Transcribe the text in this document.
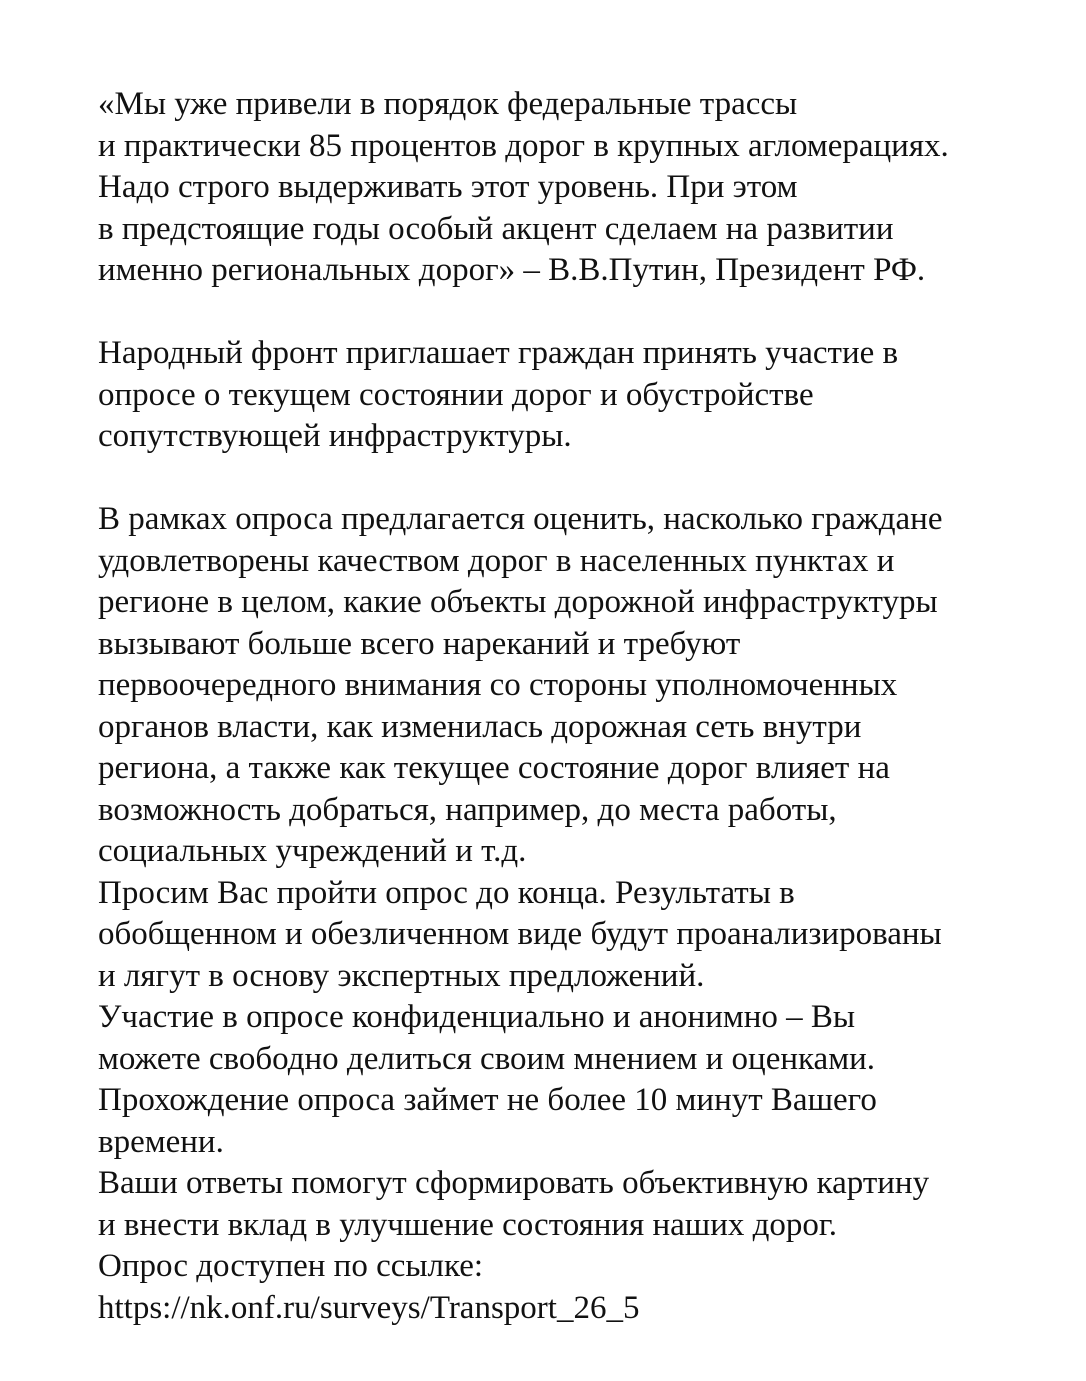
«Мы уже привели в порядок федеральные трассы
и практически 85 процентов дорог в крупных агломерациях.
Надо строго выдерживать этот уровень. При этом
в предстоящие годы особый акцент сделаем на развитии
именно региональных дорог» – В.В.Путин, Президент РФ.
Народный фронт приглашает граждан принять участие в
опросе о текущем состоянии дорог и обустройстве
сопутствующей инфраструктуры.
В рамках опроса предлагается оценить, насколько граждане
удовлетворены качеством дорог в населенных пунктах и
регионе в целом, какие объекты дорожной инфраструктуры
вызывают больше всего нареканий и требуют
первоочередного внимания со стороны уполномоченных
органов власти, как изменилась дорожная сеть внутри
региона, а также как текущее состояние дорог влияет на
возможность добраться, например, до места работы,
социальных учреждений и т.д.
Просим Вас пройти опрос до конца. Результаты в
обобщенном и обезличенном виде будут проанализированы
и лягут в основу экспертных предложений.
Участие в опросе конфиденциально и анонимно – Вы
можете свободно делиться своим мнением и оценками.
Прохождение опроса займет не более 10 минут Вашего
времени.
Ваши ответы помогут сформировать объективную картину
и внести вклад в улучшение состояния наших дорог.
Опрос доступен по ссылке:
https://nk.onf.ru/surveys/Transport_26_5
